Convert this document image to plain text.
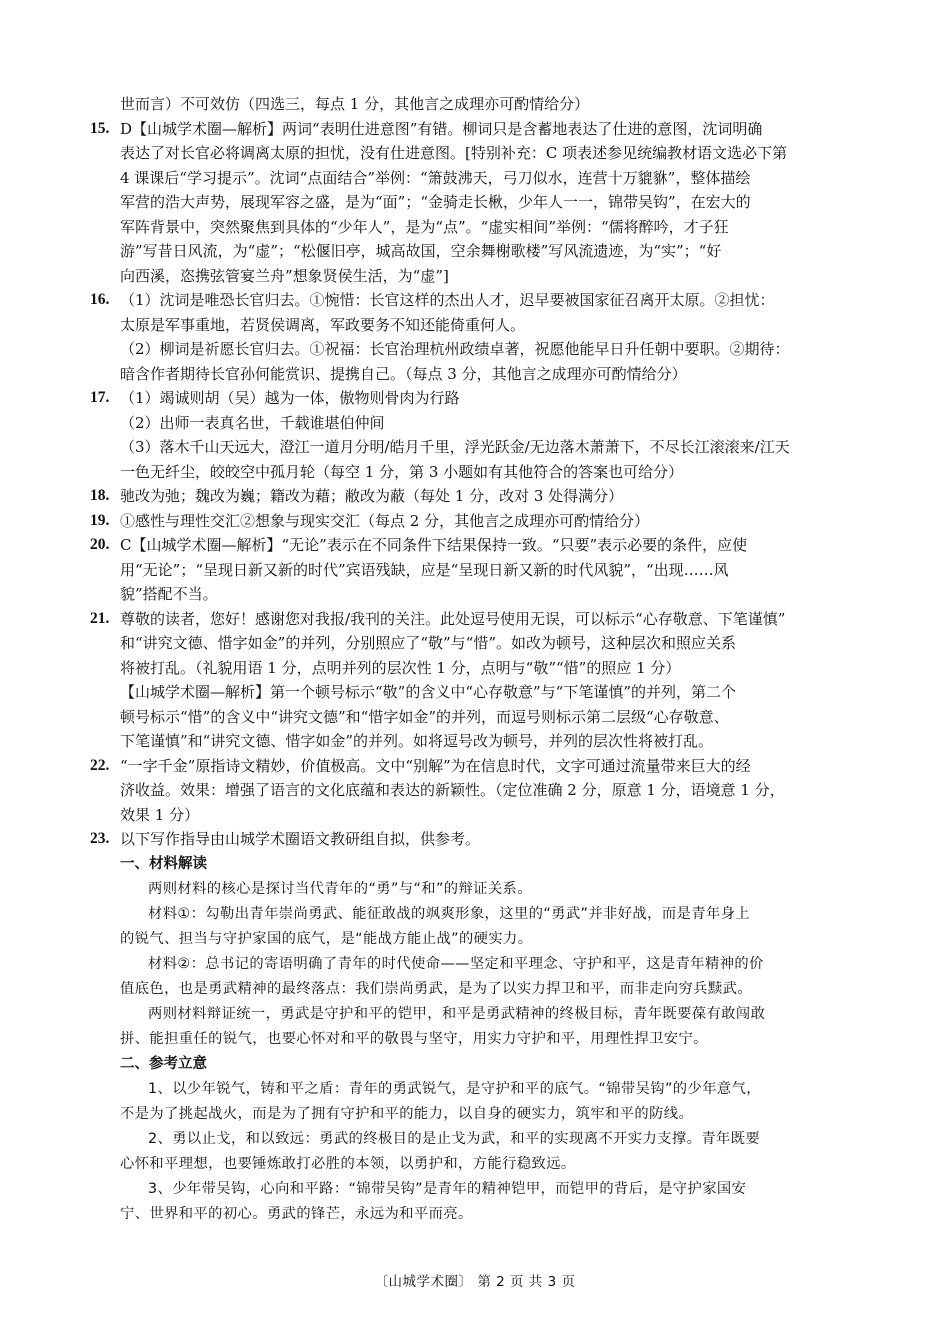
世而言）不可效仿（四选三，每点 1 分，其他言之成理亦可酌情给分）
15. D【山城学术圈—解析】两词“表明仕进意图”有错。柳词只是含蓄地表达了仕进的意图，沈词明确
表达了对长官必将调离太原的担忧，没有仕进意图。[特别补充：C 项表述参见统编教材语文选必下第
4 课课后“学习提示”。沈词“点面结合”举例：“箫鼓沸天，弓刀似水，连营十万貔貅”，整体描绘
军营的浩大声势，展现军容之盛，是为“面”；“金骑走长楸，少年人一一，锦带吴钩”，在宏大的
军阵背景中，突然聚焦到具体的“少年人”，是为“点”。“虚实相间”举例：“儒将醉吟，才子狂
游”写昔日风流，为“虚”；“松偃旧亭，城高故国，空余舞榭歌楼”写风流遗迹，为“实”；“好
向西溪，恣携弦管宴兰舟”想象贤侯生活，为“虚”]
16. （1）沈词是唯恐长官归去。①惋惜：长官这样的杰出人才，迟早要被国家征召离开太原。②担忧：
太原是军事重地，若贤侯调离，军政要务不知还能倚重何人。
（2）柳词是祈愿长官归去。①祝福：长官治理杭州政绩卓著，祝愿他能早日升任朝中要职。②期待：
暗含作者期待长官孙何能赏识、提携自己。（每点 3 分，其他言之成理亦可酌情给分）
17. （1）竭诚则胡（吴）越为一体，傲物则骨肉为行路
（2）出师一表真名世，千载谁堪伯仲间
（3）落木千山天远大，澄江一道月分明/皓月千里，浮光跃金/无边落木萧萧下，不尽长江滚滚来/江天
一色无纤尘，皎皎空中孤月轮（每空 1 分，第 3 小题如有其他符合的答案也可给分）
18. 驰改为弛；魏改为巍；籍改为藉；敝改为蔽（每处 1 分，改对 3 处得满分）
19. ①感性与理性交汇②想象与现实交汇（每点 2 分，其他言之成理亦可酌情给分）
20. C【山城学术圈—解析】“无论”表示在不同条件下结果保持一致。“只要”表示必要的条件，应使
用“无论”；“呈现日新又新的时代”宾语残缺，应是“呈现日新又新的时代风貌”，“出现……风
貌”搭配不当。
21. 尊敬的读者，您好！感谢您对我报/我刊的关注。此处逗号使用无误，可以标示“心存敬意、下笔谨慎”
和“讲究文德、惜字如金”的并列，分别照应了“敬”与“惜”。如改为顿号，这种层次和照应关系
将被打乱。（礼貌用语 1 分，点明并列的层次性 1 分，点明与“敬”“惜”的照应 1 分）
【山城学术圈—解析】第一个顿号标示“敬”的含义中“心存敬意”与“下笔谨慎”的并列，第二个
顿号标示“惜”的含义中“讲究文德”和“惜字如金”的并列，而逗号则标示第二层级“心存敬意、
下笔谨慎”和“讲究文德、惜字如金”的并列。如将逗号改为顿号，并列的层次性将被打乱。
22. “一字千金”原指诗文精妙，价值极高。文中“别解”为在信息时代，文字可通过流量带来巨大的经
济收益。效果：增强了语言的文化底蕴和表达的新颖性。（定位准确 2 分，原意 1 分，语境意 1 分，
效果 1 分）
23. 以下写作指导由山城学术圈语文教研组自拟，供参考。
一、材料解读
两则材料的核心是探讨当代青年的“勇”与“和”的辩证关系。
材料①：勾勒出青年崇尚勇武、能征敢战的飒爽形象，这里的“勇武”并非好战，而是青年身上
的锐气、担当与守护家国的底气，是“能战方能止战”的硬实力。
材料②：总书记的寄语明确了青年的时代使命——坚定和平理念、守护和平，这是青年精神的价
值底色，也是勇武精神的最终落点：我们崇尚勇武，是为了以实力捍卫和平，而非走向穷兵黩武。
两则材料辩证统一，勇武是守护和平的铠甲，和平是勇武精神的终极目标，青年既要葆有敢闯敢
拼、能担重任的锐气，也要心怀对和平的敬畏与坚守，用实力守护和平，用理性捍卫安宁。
二、参考立意
1、以少年锐气，铸和平之盾：青年的勇武锐气，是守护和平的底气。“锦带吴钩”的少年意气，
不是为了挑起战火，而是为了拥有守护和平的能力，以自身的硬实力，筑牢和平的防线。
2、勇以止戈，和以致远：勇武的终极目的是止戈为武，和平的实现离不开实力支撑。青年既要
心怀和平理想，也要锤炼敢打必胜的本领，以勇护和，方能行稳致远。
3、少年带吴钩，心向和平路：“锦带吴钩”是青年的精神铠甲，而铠甲的背后，是守护家国安
宁、世界和平的初心。勇武的锋芒，永远为和平而亮。
〔山城学术圈〕 第 2 页 共 3 页
